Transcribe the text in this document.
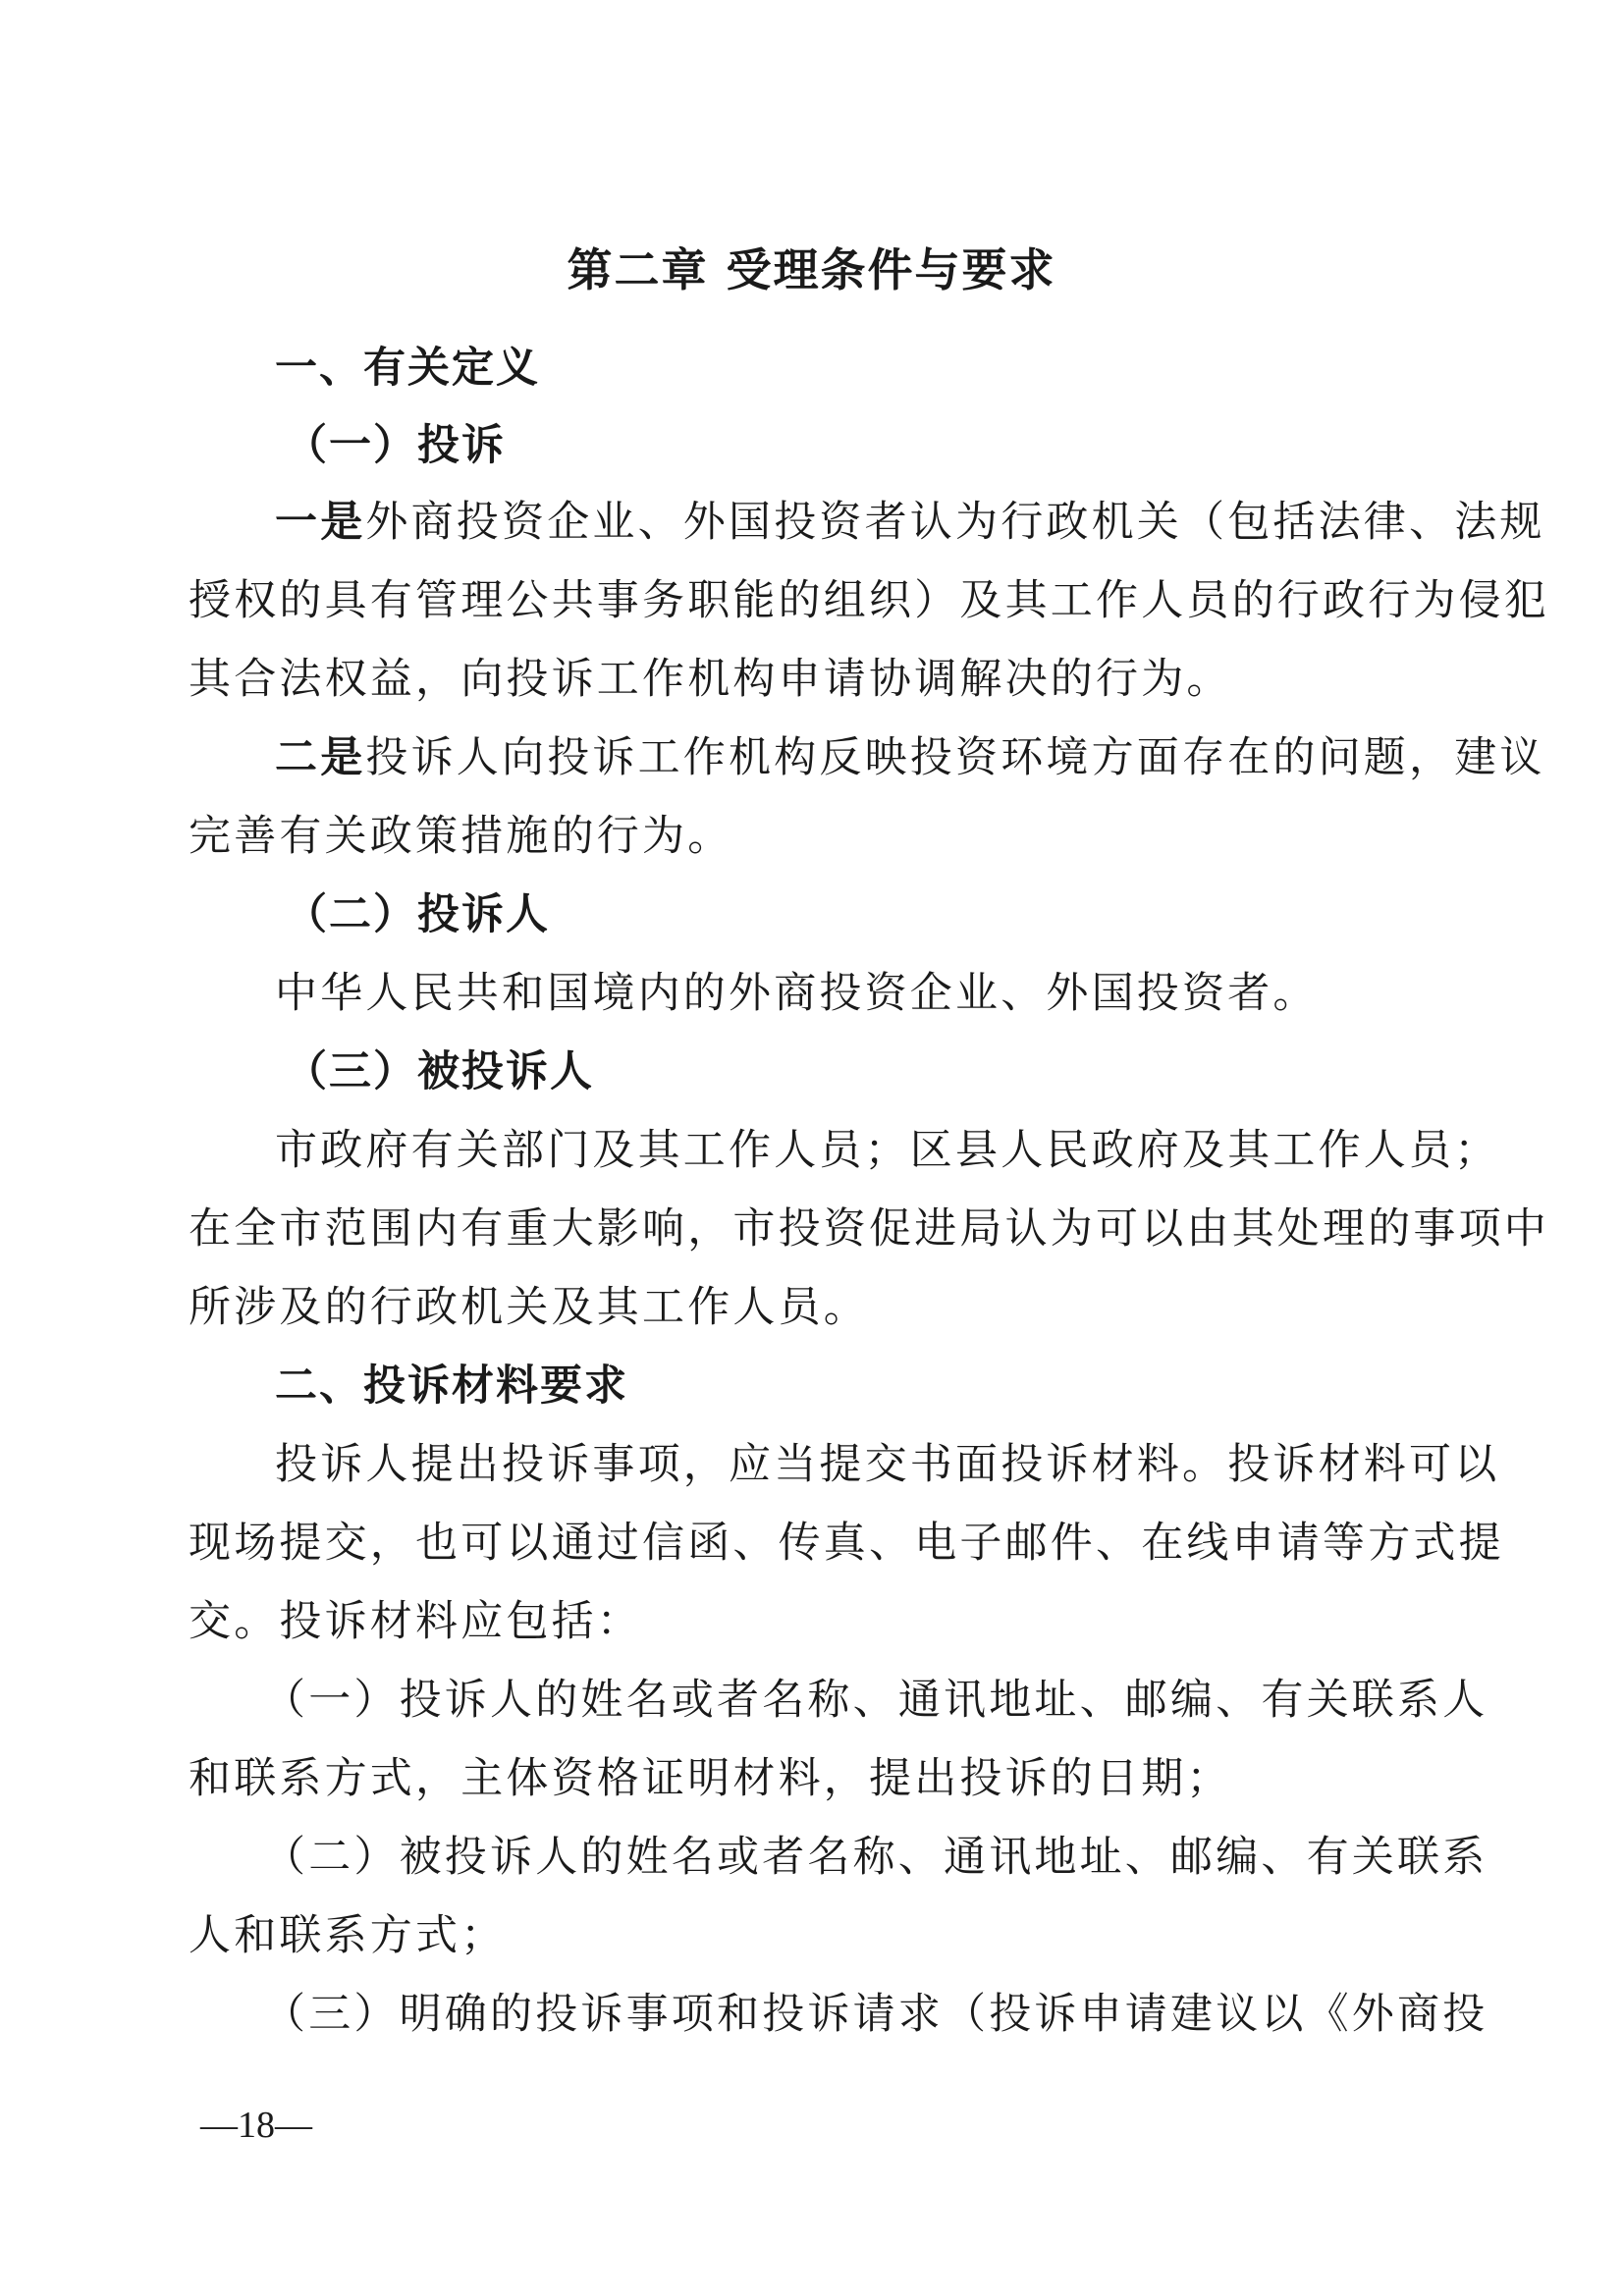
第二章 受理条件与要求
一、有关定义
（一）投诉
一是外商投资企业、外国投资者认为行政机关（包括法律、法规
授权的具有管理公共事务职能的组织）及其工作人员的行政行为侵犯
其合法权益，向投诉工作机构申请协调解决的行为。
二是投诉人向投诉工作机构反映投资环境方面存在的问题，建议
完善有关政策措施的行为。
（二）投诉人
中华人民共和国境内的外商投资企业、外国投资者。
（三）被投诉人
市政府有关部门及其工作人员；区县人民政府及其工作人员；
在全市范围内有重大影响，市投资促进局认为可以由其处理的事项中
所涉及的行政机关及其工作人员。
二、投诉材料要求
投诉人提出投诉事项，应当提交书面投诉材料。投诉材料可以
现场提交，也可以通过信函、传真、电子邮件、在线申请等方式提
交。投诉材料应包括：
（一）投诉人的姓名或者名称、通讯地址、邮编、有关联系人
和联系方式，主体资格证明材料，提出投诉的日期；
（二）被投诉人的姓名或者名称、通讯地址、邮编、有关联系
人和联系方式；
（三）明确的投诉事项和投诉请求（投诉申请建议以《外商投
—18—
